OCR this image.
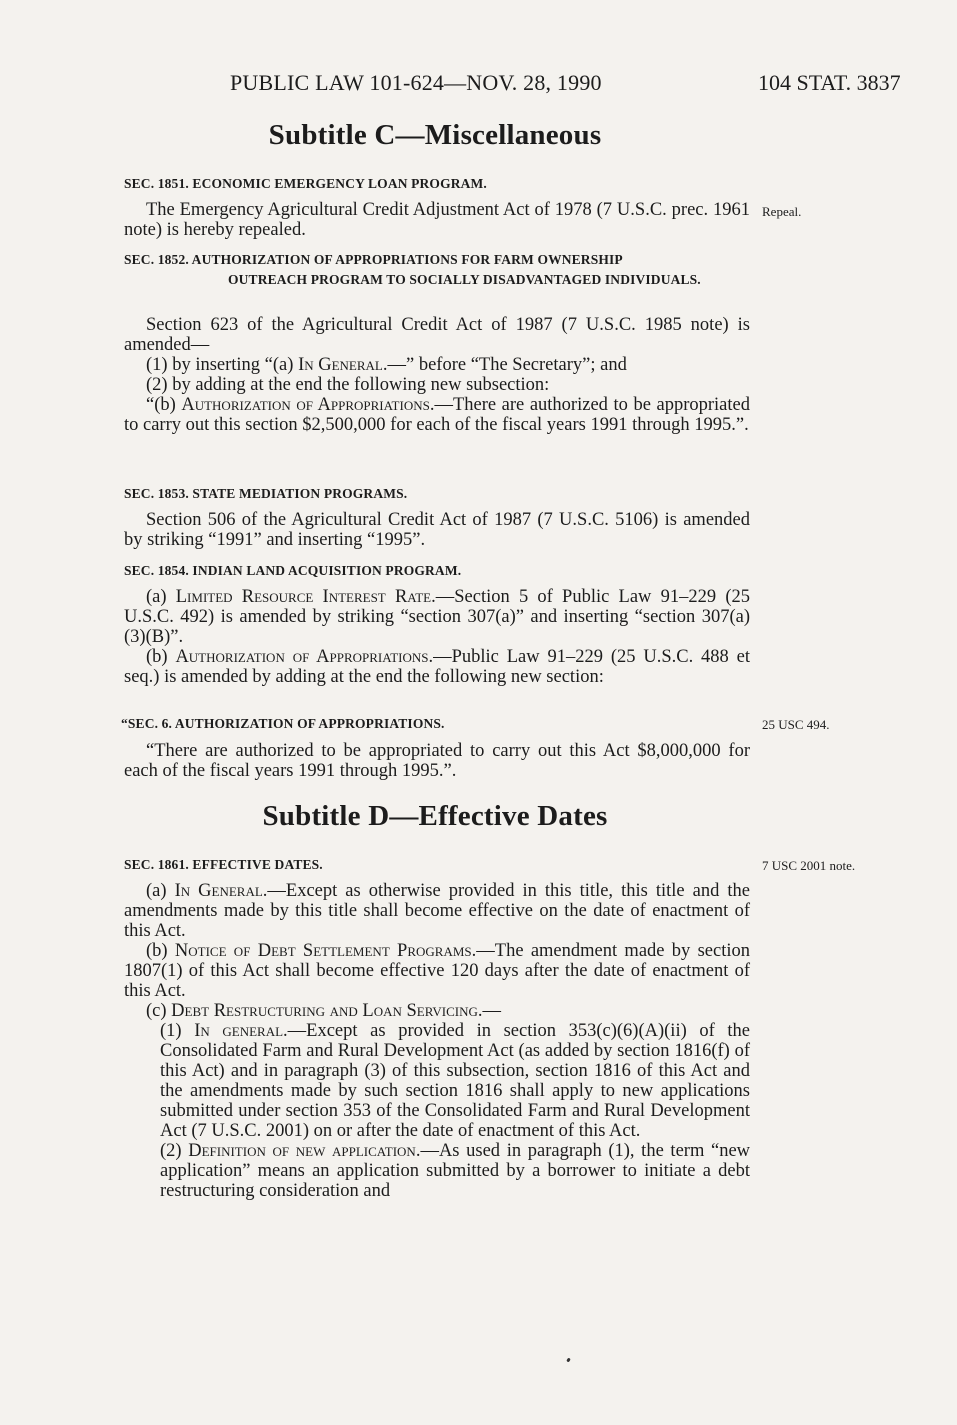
PUBLIC LAW 101-624—NOV. 28, 1990	104 STAT. 3837
Subtitle C—Miscellaneous
SEC. 1851. ECONOMIC EMERGENCY LOAN PROGRAM.

The Emergency Agricultural Credit Adjustment Act of 1978 (7 U.S.C. prec. 1961 note) is hereby repealed.

Repeal.
SEC. 1852. AUTHORIZATION OF APPROPRIATIONS FOR FARM OWNERSHIP
OUTREACH PROGRAM TO SOCIALLY DISADVANTAGED INDIVIDUALS.

Section 623 of the Agricultural Credit Act of 1987 (7 U.S.C. 1985 note) is amended—

(1) by inserting “(a) In General.—” before “The Secretary”; and

(2) by adding at the end the following new subsection:

“(b) Authorization of Appropriations.—There are authorized to be appropriated to carry out this section $2,500,000 for each of the fiscal years 1991 through 1995.”.

SEC. 1853. STATE MEDIATION PROGRAMS.

Section 506 of the Agricultural Credit Act of 1987 (7 U.S.C. 5106) is amended by striking “1991” and inserting “1995”.

SEC. 1854. INDIAN LAND ACQUISITION PROGRAM.

(a) Limited Resource Interest Rate.—Section 5 of Public Law 91–229 (25 U.S.C. 492) is amended by striking “section 307(a)” and inserting “section 307(a)(3)(B)”.

(b) Authorization of Appropriations.—Public Law 91–229 (25 U.S.C. 488 et seq.) is amended by adding at the end the following new section:

“SEC. 6. AUTHORIZATION OF APPROPRIATIONS.	25 USC 494.

“There are authorized to be appropriated to carry out this Act $8,000,000 for each of the fiscal years 1991 through 1995.”.

Subtitle D—Effective Dates
SEC. 1861. EFFECTIVE DATES.	7 USC 2001 note.

(a) In General.—Except as otherwise provided in this title, this title and the amendments made by this title shall become effective on the date of enactment of this Act.

(b) Notice of Debt Settlement Programs.—The amendment made by section 1807(1) of this Act shall become effective 120 days after the date of enactment of this Act.

(c) Debt Restructuring and Loan Servicing.—

(1) In general.—Except as provided in section 353(c)(6)(A)(ii) of the Consolidated Farm and Rural Development Act (as added by section 1816(f) of this Act) and in paragraph (3) of this subsection, section 1816 of this Act and the amendments made by such section 1816 shall apply to new applications submitted under section 353 of the Consolidated Farm and Rural Development Act (7 U.S.C. 2001) on or after the date of enactment of this Act.

(2) Definition of new application.—As used in paragraph (1), the term “new application” means an application submitted by a borrower to initiate a debt restructuring consideration and
